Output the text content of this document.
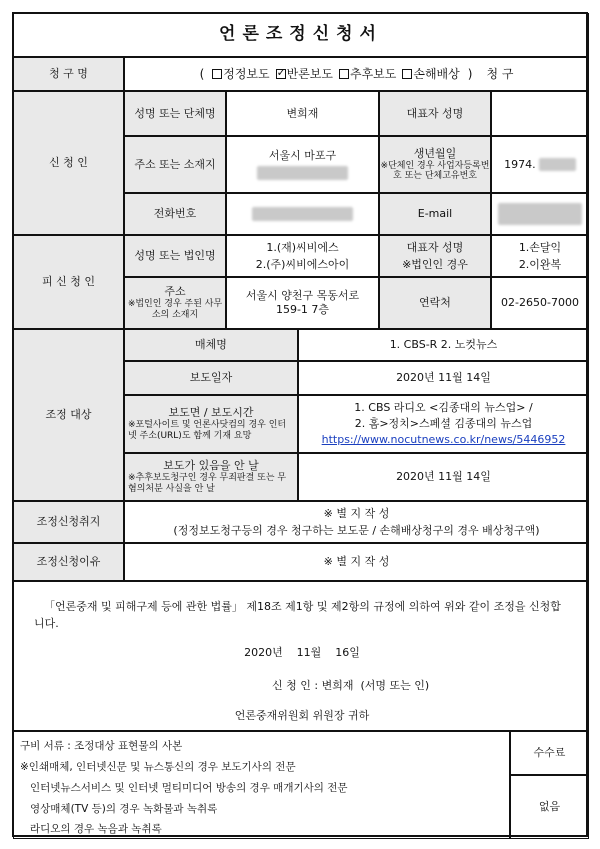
언론조정신청서
청 구 명	(	정정보도
✓	반론보도	추후보도	손해배상 ) 청 구
신 청 인
성명 또는 단체명	변희재	대표자 성명
주소 또는 소재지
서울시 마포구	생년월일
※단체인 경우 사업자등록번호 또는 단체고유번호
1974.
전화번호	E-mail
피 신 청 인
성명 또는 법인명
1.(재)씨비에스
2.(주)씨비에스아이
대표자 성명
※법인인 경우
1.손달익
2.이완복
주소
※법인인 경우 주된 사무소의 소재지
서울시 양천구 목동서로 159-1 7층
연락처	02-2650-7000
조정 대상
매체명	1. CBS-R 2. 노컷뉴스
보도일자	2020년 11월 14일
보도면 / 보도시간
※포털사이트 및 언론사닷컴의 경우 인터넷 주소(URL)도 함께 기재 요망
1. CBS 라디오 <김종대의 뉴스업> /
2. 홈>정치>스페셜 김종대의 뉴스업
https://www.nocutnews.co.kr/news/5446952
보도가 있음을 안 날
※추후보도청구인 경우 무죄판결 또는 무혐의처분 사실을 안 날
2020년 11월 14일
조정신청취지
※ 별 지 작 성
(정정보도청구등의 경우 청구하는 보도문 / 손해배상청구의 경우 배상청구액)
조정신청이유	※ 별 지 작 성
「언론중재 및 피해구제 등에 관한 법률」 제18조 제1항 및 제2항의 규정에 의하여 위와 같이 조정을 신청합니다.
2020년    11월    16일
신 청 인 : 변희재  (서명 또는 인)
언론중재위원회 위원장 귀하
구비 서류 : 조정대상 표현물의 사본
※인쇄매체, 인터넷신문 및 뉴스통신의 경우 보도기사의 전문
인터넷뉴스서비스 및 인터넷 멀티미디어 방송의 경우 매개기사의 전문
영상매체(TV 등)의 경우 녹화물과 녹취록
라디오의 경우 녹음과 녹취록
수수료
없음
